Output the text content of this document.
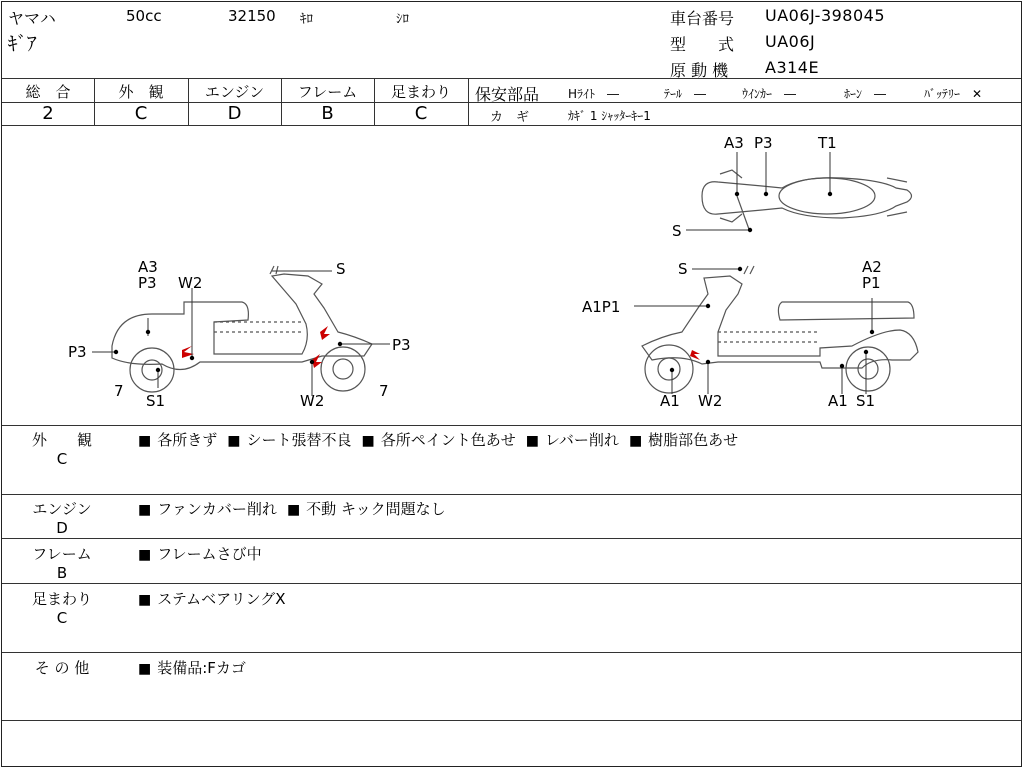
ヤマハ	50cc	32150 ｷﾛ	ｼﾛ
ｷﾞｱ
車台番号 UA06J-398045
型　　式 UA06J
原 動 機 A314E
総　合	外　観	エンジン	フレーム	足まわり
2	C	D	B	C
保安部品 Hﾗｲﾄ　―	ﾃｰﾙ　―	ｳｲﾝｶｰ　―	ﾎｰﾝ　―	ﾊﾞｯﾃﾘｰ　✕
カ　ギ	ｶｷﾞ 1 ｼｬｯﾀｰｷｰ1
A3 P3	T1
S
A3
P3 W2
S
P3	P3
7
S1	W2
7
S	A2
P1
A1P1
A1 W2	A1 S1
外　　観
C
■ 各所きず ■ シート張替不良 ■ 各所ペイント色あせ ■ レバー削れ ■ 樹脂部色あせ
エンジン
D
■ ファンカバー削れ ■ 不動 キック問題なし
フレーム
B
■ フレームさび中
足まわり
C
■ ステムベアリングX
そ の 他	■ 装備品:Fカゴ
